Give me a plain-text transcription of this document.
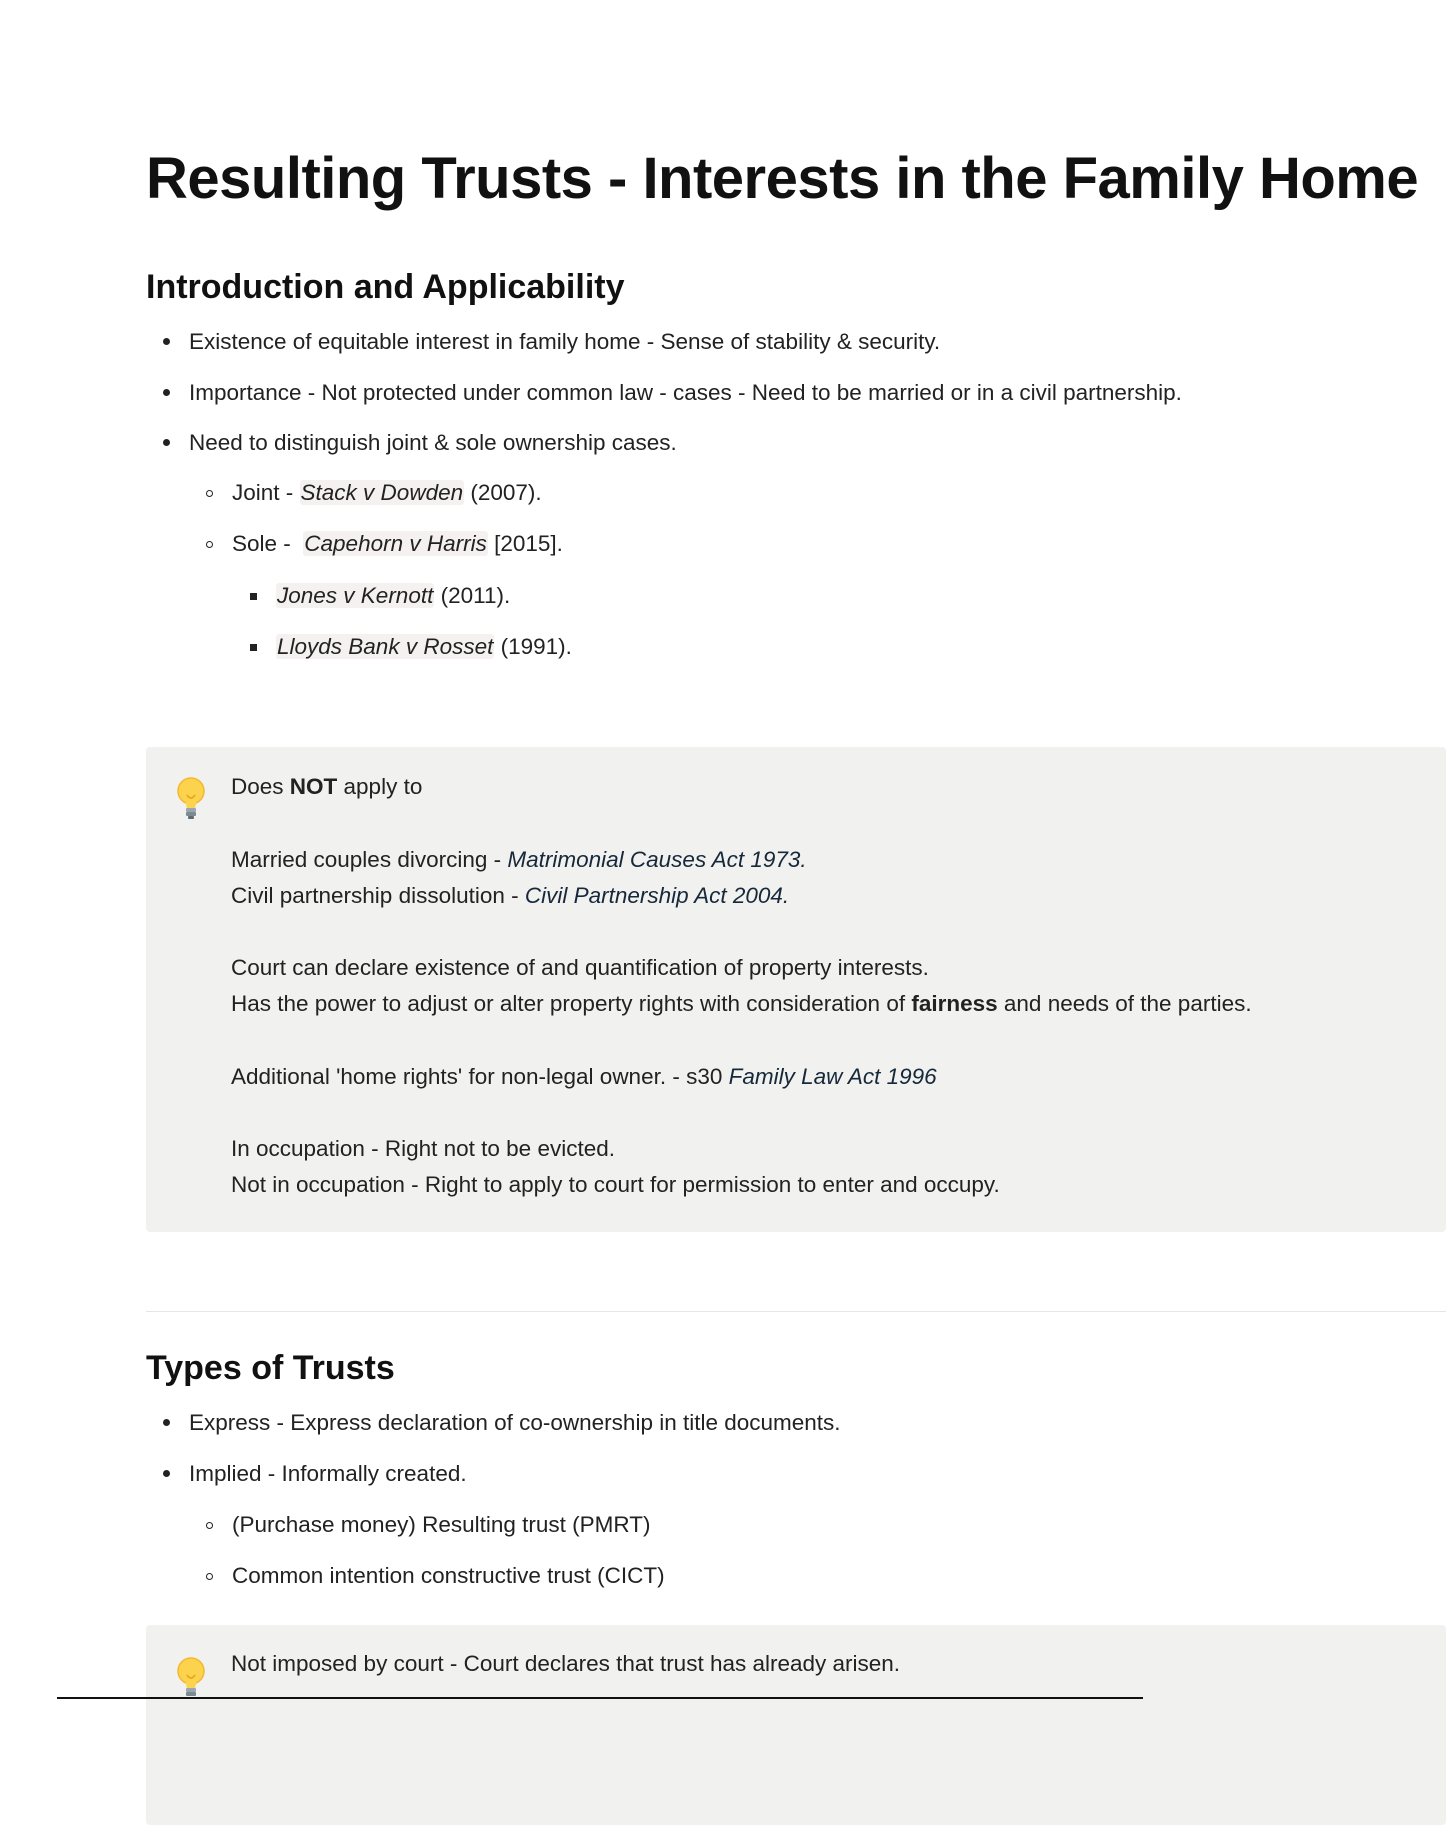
Resulting Trusts - Interests in the Family Home
Introduction and Applicability
Existence of equitable interest in family home - Sense of stability & security.
Importance - Not protected under common law - cases - Need to be married or in a civil partnership.
Need to distinguish joint & sole ownership cases.
Joint - Stack v Dowden (2007).
Sole -  Capehorn v Harris [2015].
Jones v Kernott (2011).
Lloyds Bank v Rosset (1991).
Does NOT apply to
Married couples divorcing - Matrimonial Causes Act 1973.
Civil partnership dissolution - Civil Partnership Act 2004.
Court can declare existence of and quantification of property interests.
Has the power to adjust or alter property rights with consideration of fairness and needs of the parties.
Additional 'home rights' for non-legal owner. - s30 Family Law Act 1996
In occupation - Right not to be evicted.
Not in occupation - Right to apply to court for permission to enter and occupy.
Types of Trusts
Express - Express declaration of co-ownership in title documents.
Implied - Informally created.
(Purchase money) Resulting trust (PMRT)
Common intention constructive trust (CICT)
Not imposed by court - Court declares that trust has already arisen.
